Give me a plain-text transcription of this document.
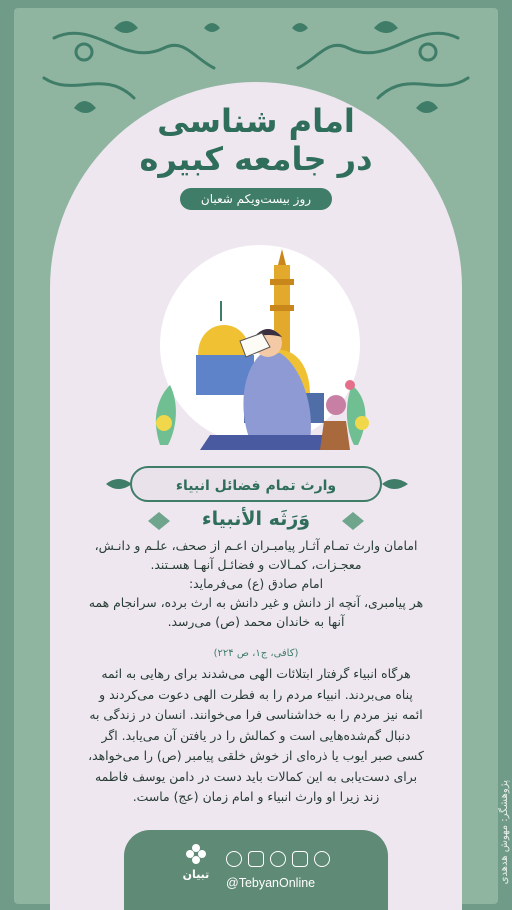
امام شناسی
در جامعه کبیره
روز بیست‌ویکم شعبان
وارث تمام فضائل انبیاء
وَرَثَه الأنبیاء
امامان وارث تمـام آثـار پیامبـران اعـم از صحف، علـم و دانـش،
معجـزات، کمـالات و فضائـل آنهـا هسـتند.
امام صادق (ع) می‌فرماید:
هر پیامبری، آنچه از دانش و غیر دانش به ارث برده، سرانجام همه
آنها به خاندان محمد (ص) می‌رسد.
(کافی، ج۱، ص ۲۲۴)
هرگاه انبیاء گرفتار ابتلائات الهی می‌شدند برای رهایی به ائمه
پناه می‌بردند. انبیاء مردم را به فطرت الهی دعوت می‌کردند و
ائمه نیز مردم را به خداشناسی فرا می‌خوانند. انسان در زندگی به
دنبال گم‌شده‌هایی است و کمالش را در یافتن آن می‌یابد. اگر
کسی صبر ایوب یا ذره‌ای از خوش خلقی پیامبر (ص) را می‌خواهد،
برای دست‌یابی به این کمالات باید دست در دامن یوسف فاطمه
زند زیرا او وارث انبیاء و امام زمان (عج) ماست.
تبیان
@TebyanOnline	پژوهشگر: مهوش هدهدی
